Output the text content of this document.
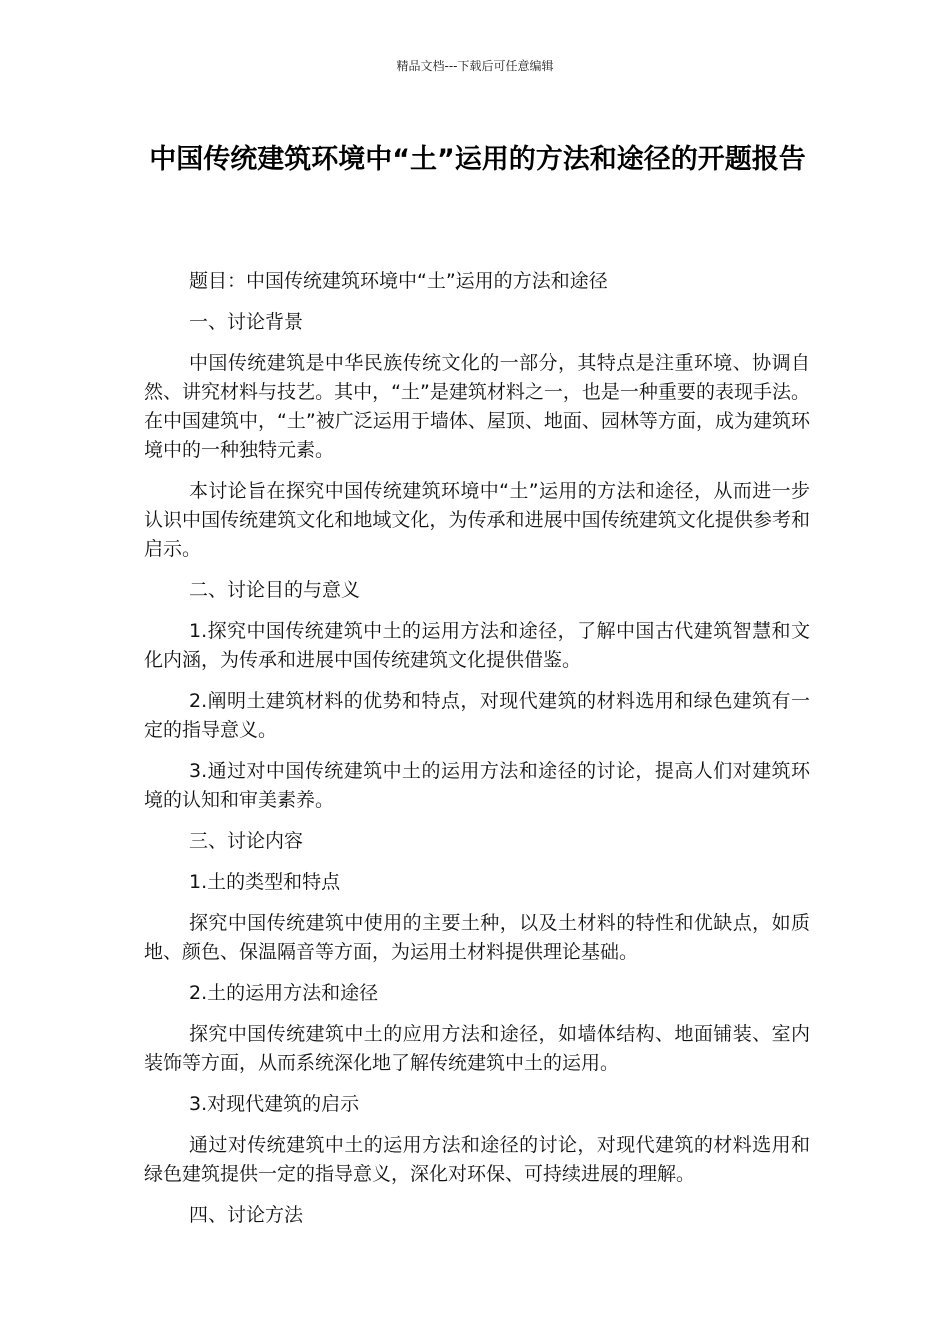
精品文档---下载后可任意编辑
中国传统建筑环境中“土”运用的方法和途径的开题报告

题目：中国传统建筑环境中“土”运用的方法和途径

一、讨论背景

中国传统建筑是中华民族传统文化的一部分，其特点是注重环境、协调自然、讲究材料与技艺。其中，“土”是建筑材料之一，也是一种重要的表现手法。在中国建筑中，“土”被广泛运用于墙体、屋顶、地面、园林等方面，成为建筑环境中的一种独特元素。

本讨论旨在探究中国传统建筑环境中“土”运用的方法和途径，从而进一步认识中国传统建筑文化和地域文化，为传承和进展中国传统建筑文化提供参考和启示。

二、讨论目的与意义

1.探究中国传统建筑中土的运用方法和途径，了解中国古代建筑智慧和文化内涵，为传承和进展中国传统建筑文化提供借鉴。

2.阐明土建筑材料的优势和特点，对现代建筑的材料选用和绿色建筑有一定的指导意义。

3.通过对中国传统建筑中土的运用方法和途径的讨论，提高人们对建筑环境的认知和审美素养。

三、讨论内容

1.土的类型和特点

探究中国传统建筑中使用的主要土种，以及土材料的特性和优缺点，如质地、颜色、保温隔音等方面，为运用土材料提供理论基础。

2.土的运用方法和途径

探究中国传统建筑中土的应用方法和途径，如墙体结构、地面铺装、室内装饰等方面，从而系统深化地了解传统建筑中土的运用。

3.对现代建筑的启示

通过对传统建筑中土的运用方法和途径的讨论，对现代建筑的材料选用和绿色建筑提供一定的指导意义，深化对环保、可持续进展的理解。

四、讨论方法
